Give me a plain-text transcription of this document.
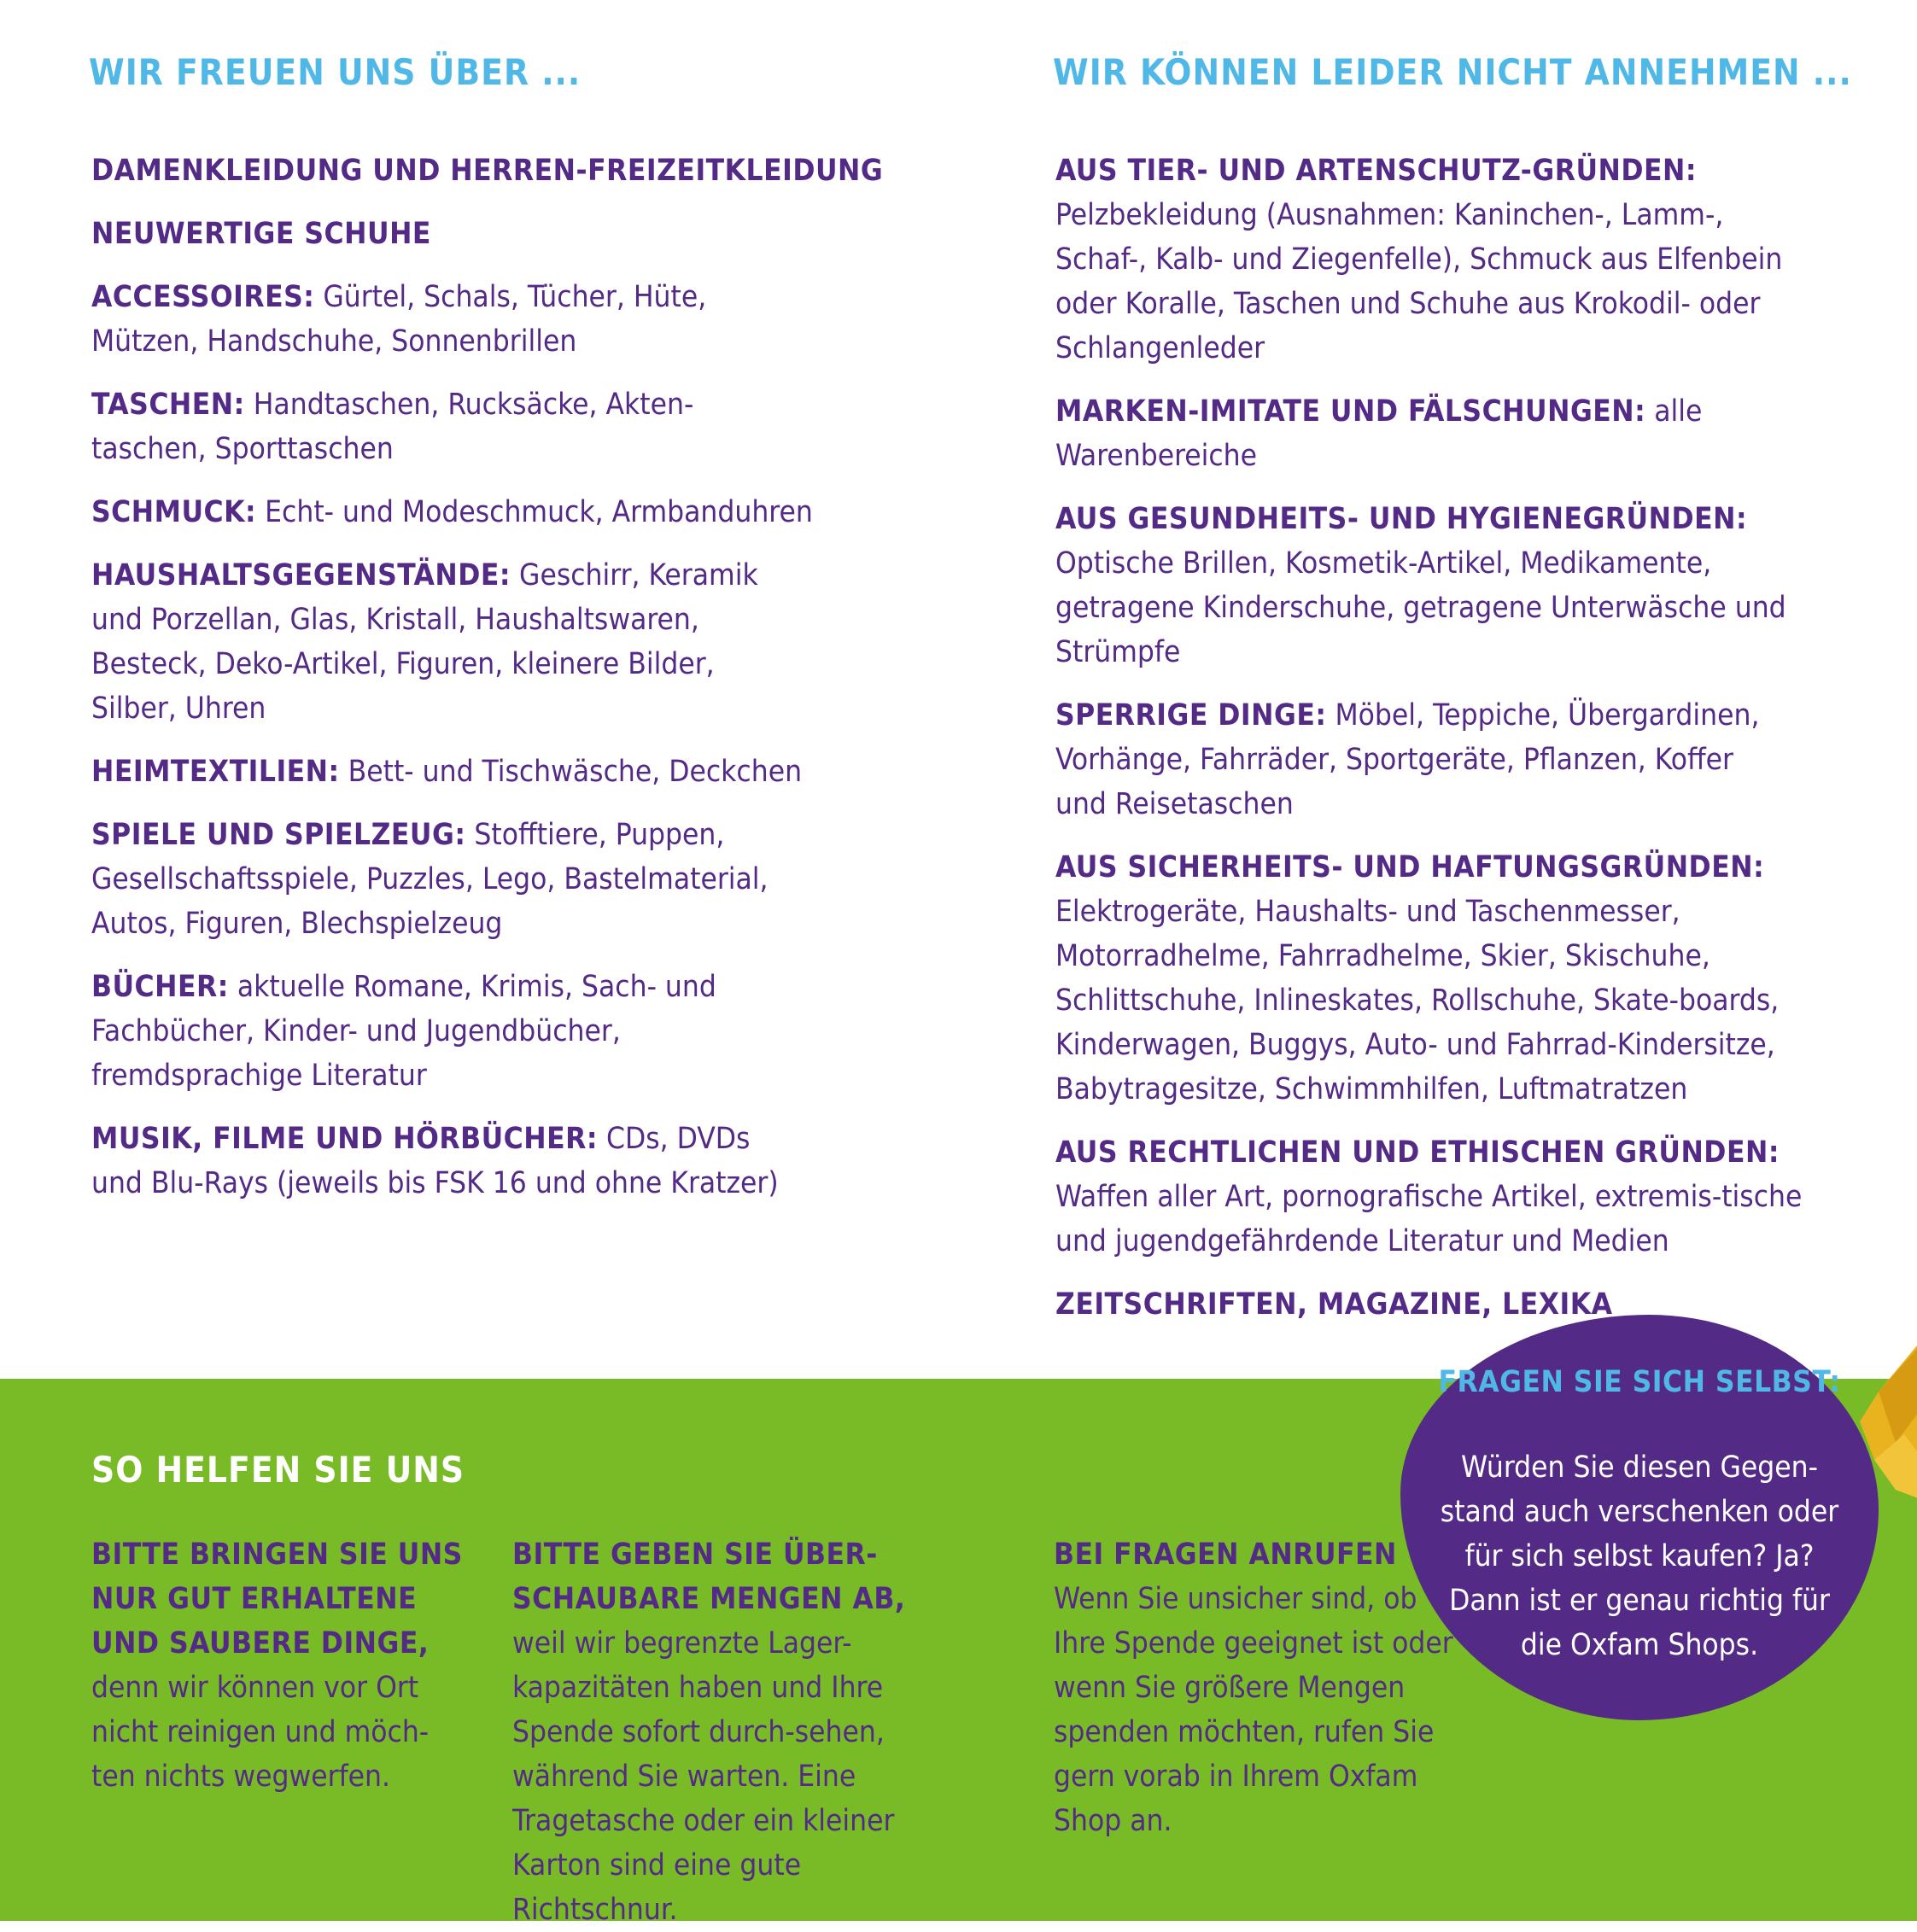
WIR FREUEN UNS ÜBER ...
DAMENKLEIDUNG UND HERREN-FREIZEITKLEIDUNG
NEUWERTIGE SCHUHE
ACCESSOIRES: Gürtel, Schals, Tücher, Hüte, Mützen, Handschuhe, Sonnenbrillen
TASCHEN: Handtaschen, Rucksäcke, Akten-taschen, Sporttaschen
SCHMUCK: Echt- und Modeschmuck, Armbanduhren
HAUSHALTSGEGENSTÄNDE: Geschirr, Keramik und Porzellan, Glas, Kristall, Haushaltswaren, Besteck, Deko-Artikel, Figuren, kleinere Bilder, Silber, Uhren
HEIMTEXTILIEN: Bett- und Tischwäsche, Deckchen
SPIELE UND SPIELZEUG: Stofftiere, Puppen, Gesellschaftsspiele, Puzzles, Lego, Bastelmaterial, Autos, Figuren, Blechspielzeug
BÜCHER: aktuelle Romane, Krimis, Sach- und Fachbücher, Kinder- und Jugendbücher, fremdsprachige Literatur
MUSIK, FILME UND HÖRBÜCHER: CDs, DVDs und Blu-Rays (jeweils bis FSK 16 und ohne Kratzer)
WIR KÖNNEN LEIDER NICHT ANNEHMEN ...
AUS TIER- UND ARTENSCHUTZ-GRÜNDEN: Pelzbekleidung (Ausnahmen: Kaninchen-, Lamm-, Schaf-, Kalb- und Ziegenfelle), Schmuck aus Elfenbein oder Koralle, Taschen und Schuhe aus Krokodil- oder Schlangenleder
MARKEN-IMITATE UND FÄLSCHUNGEN: alle Warenbereiche
AUS GESUNDHEITS- UND HYGIENEGRÜNDEN: Optische Brillen, Kosmetik-Artikel, Medikamente, getragene Kinderschuhe, getragene Unterwäsche und Strümpfe
SPERRIGE DINGE: Möbel, Teppiche, Übergardinen, Vorhänge, Fahrräder, Sportgeräte, Pflanzen, Koffer und Reisetaschen
AUS SICHERHEITS- UND HAFTUNGSGRÜNDEN: Elektrogeräte, Haushalts- und Taschenmesser, Motorradhelme, Fahrradhelme, Skier, Skischuhe, Schlittschuhe, Inlineskates, Rollschuhe, Skate-boards, Kinderwagen, Buggys, Auto- und Fahrrad-Kindersitze, Babytragesitze, Schwimmhilfen, Luftmatratzen
AUS RECHTLICHEN UND ETHISCHEN GRÜNDEN: Waffen aller Art, pornografische Artikel, extremis-tische und jugendgefährdende Literatur und Medien
ZEITSCHRIFTEN, MAGAZINE, LEXIKA
SO HELFEN SIE UNS
BITTE BRINGEN SIE UNS NUR GUT ERHALTENE UND SAUBERE DINGE, denn wir können vor Ort nicht reinigen und möch-ten nichts wegwerfen.
BITTE GEBEN SIE ÜBER-SCHAUBARE MENGEN AB, weil wir begrenzte Lager-kapazitäten haben und Ihre Spende sofort durch-sehen, während Sie warten. Eine Tragetasche oder ein kleiner Karton sind eine gute Richtschnur.
BEI FRAGEN ANRUFEN Wenn Sie unsicher sind, ob Ihre Spende geeignet ist oder wenn Sie größere Mengen spenden möchten, rufen Sie gern vorab in Ihrem Oxfam Shop an.
FRAGEN SIE SICH SELBST:
Würden Sie diesen Gegen-stand auch verschenken oder für sich selbst kaufen? Ja? Dann ist er genau richtig für die Oxfam Shops.
